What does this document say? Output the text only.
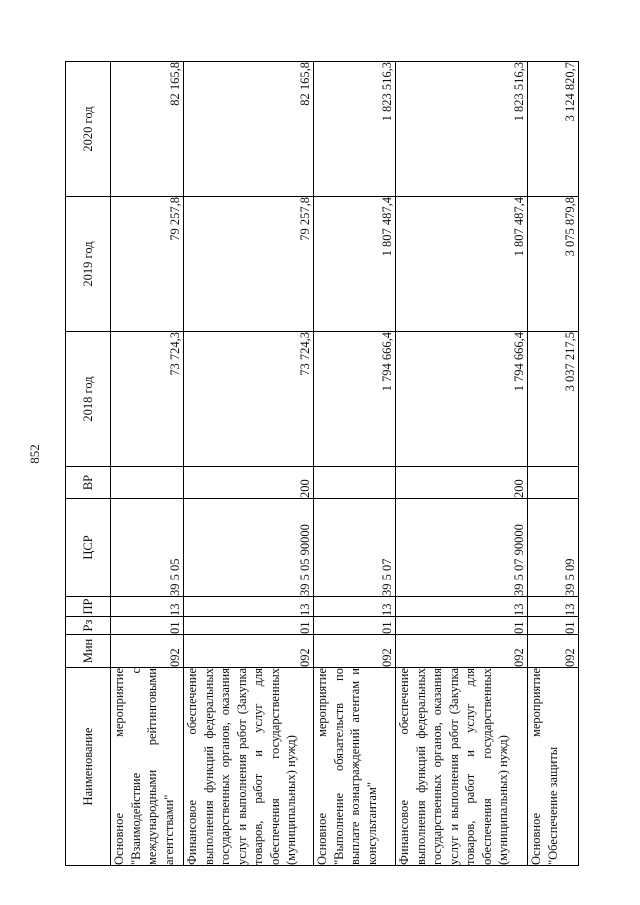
852
Наименование	Мин	Рз	ПР	ЦСР	ВР	2018 год	2019 год	2020 год
Основное мероприятие "Взаимодействие с международными рейтинговыми агентствами"	092	01	13	39 5 05		73 724,3	79 257,8	82 165,8
Финансовое обеспечение выполнения функций федеральных государственных органов, оказания услуг и выполнения работ (Закупка товаров, работ и услуг для обеспечения государственных (муниципальных) нужд)	092	01	13	39 5 05 90000	200	73 724,3	79 257,8	82 165,8
Основное мероприятие "Выполнение обязательств по выплате вознаграждений агентам и консультантам"	092	01	13	39 5 07		1 794 666,4	1 807 487,4	1 823 516,3
Финансовое обеспечение выполнения функций федеральных государственных органов, оказания услуг и выполнения работ (Закупка товаров, работ и услуг для обеспечения государственных (муниципальных) нужд)	092	01	13	39 5 07 90000	200	1 794 666,4	1 807 487,4	1 823 516,3
Основное мероприятие "Обеспечение защиты	092	01	13	39 5 09		3 037 217,5	3 075 879,8	3 124 820,7
